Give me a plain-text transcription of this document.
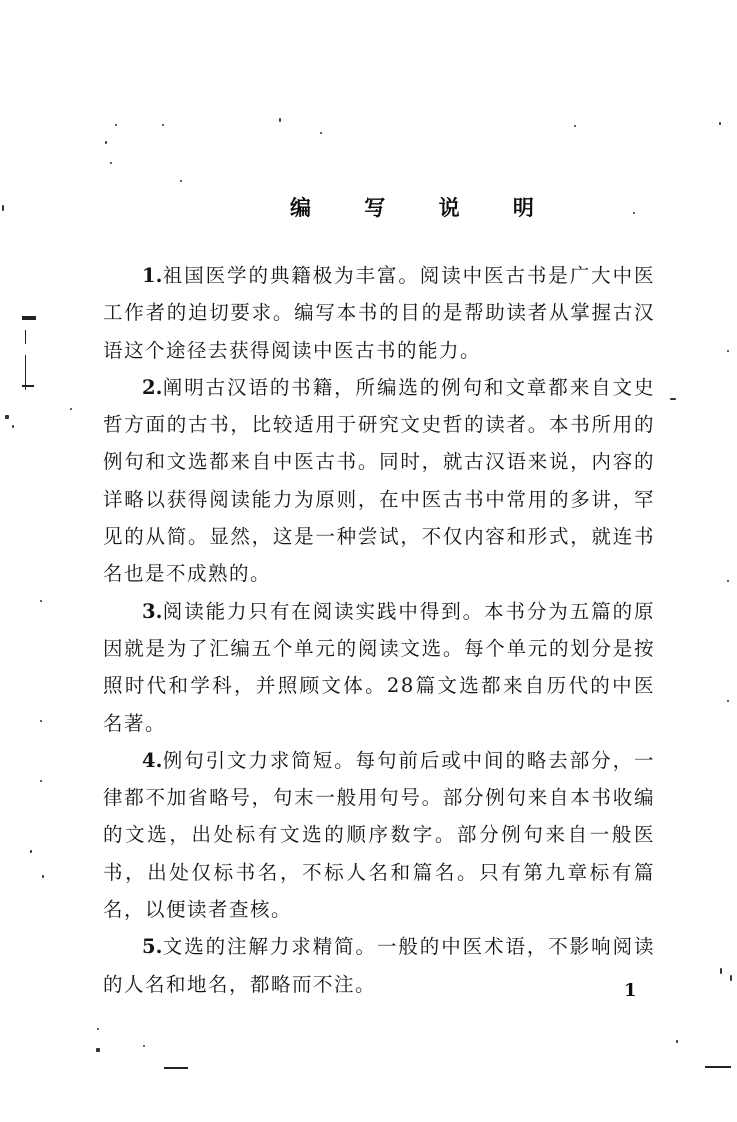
编 写 说 明

1.祖国医学的典籍极为丰富。阅读中医古书是广大中医工作者的迫切要求。编写本书的目的是帮助读者从掌握古汉语这个途径去获得阅读中医古书的能力。

2.阐明古汉语的书籍，所编选的例句和文章都来自文史哲方面的古书，比较适用于研究文史哲的读者。本书所用的例句和文选都来自中医古书。同时，就古汉语来说，内容的详略以获得阅读能力为原则，在中医古书中常用的多讲，罕见的从简。显然，这是一种尝试，不仅内容和形式，就连书名也是不成熟的。

3.阅读能力只有在阅读实践中得到。本书分为五篇的原因就是为了汇编五个单元的阅读文选。每个单元的划分是按照时代和学科，并照顾文体。28篇文选都来自历代的中医名著。

4.例句引文力求简短。每句前后或中间的略去部分，一律都不加省略号，句末一般用句号。部分例句来自本书收编的文选，出处标有文选的顺序数字。部分例句来自一般医书，出处仅标书名，不标人名和篇名。只有第九章标有篇名，以便读者查核。

5.文选的注解力求精简。一般的中医术语，不影响阅读的人名和地名，都略而不注。	1
